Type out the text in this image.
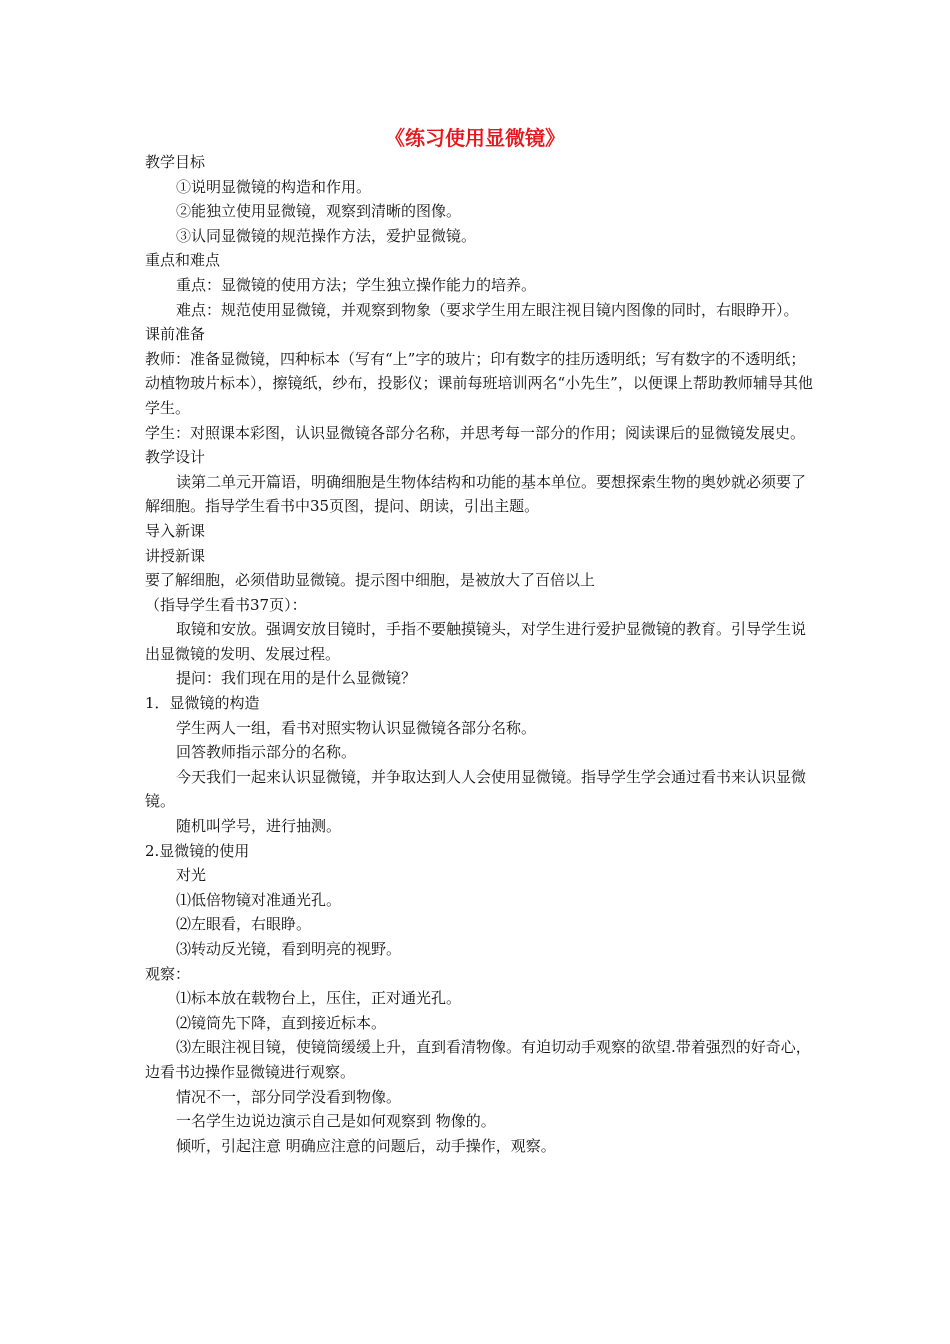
《练习使用显微镜》

教学目标

①说明显微镜的构造和作用。

②能独立使用显微镜，观察到清晰的图像。

③认同显微镜的规范操作方法，爱护显微镜。

重点和难点

重点：显微镜的使用方法；学生独立操作能力的培养。

难点：规范使用显微镜，并观察到物象（要求学生用左眼注视目镜内图像的同时，右眼睁开）。

课前准备

教师：准备显微镜，四种标本（写有“上”字的玻片；印有数字的挂历透明纸；写有数字的不透明纸；动植物玻片标本），擦镜纸，纱布，投影仪；课前每班培训两名“小先生”，以便课上帮助教师辅导其他学生。

学生：对照课本彩图，认识显微镜各部分名称，并思考每一部分的作用；阅读课后的显微镜发展史。

教学设计

读第二单元开篇语，明确细胞是生物体结构和功能的基本单位。要想探索生物的奥妙就必须要了解细胞。指导学生看书中35页图，提问、朗读，引出主题。

导入新课

讲授新课

要了解细胞，必须借助显微镜。提示图中细胞，是被放大了百倍以上

（指导学生看书37页）：

取镜和安放。强调安放目镜时，手指不要触摸镜头，对学生进行爱护显微镜的教育。引导学生说出显微镜的发明、发展过程。

提问：我们现在用的是什么显微镜？

1．显微镜的构造

学生两人一组，看书对照实物认识显微镜各部分名称。

回答教师指示部分的名称。

今天我们一起来认识显微镜，并争取达到人人会使用显微镜。指导学生学会通过看书来认识显微镜。

随机叫学号，进行抽测。

2.显微镜的使用

对光

⑴低倍物镜对准通光孔。

⑵左眼看，右眼睁。

⑶转动反光镜，看到明亮的视野。

观察：

⑴标本放在载物台上，压住，正对通光孔。

⑵镜筒先下降，直到接近标本。

⑶左眼注视目镜，使镜筒缓缓上升，直到看清物像。有迫切动手观察的欲望.带着强烈的好奇心，边看书边操作显微镜进行观察。

情况不一，部分同学没看到物像。

一名学生边说边演示自己是如何观察到 物像的。

倾听，引起注意 明确应注意的问题后，动手操作，观察。
